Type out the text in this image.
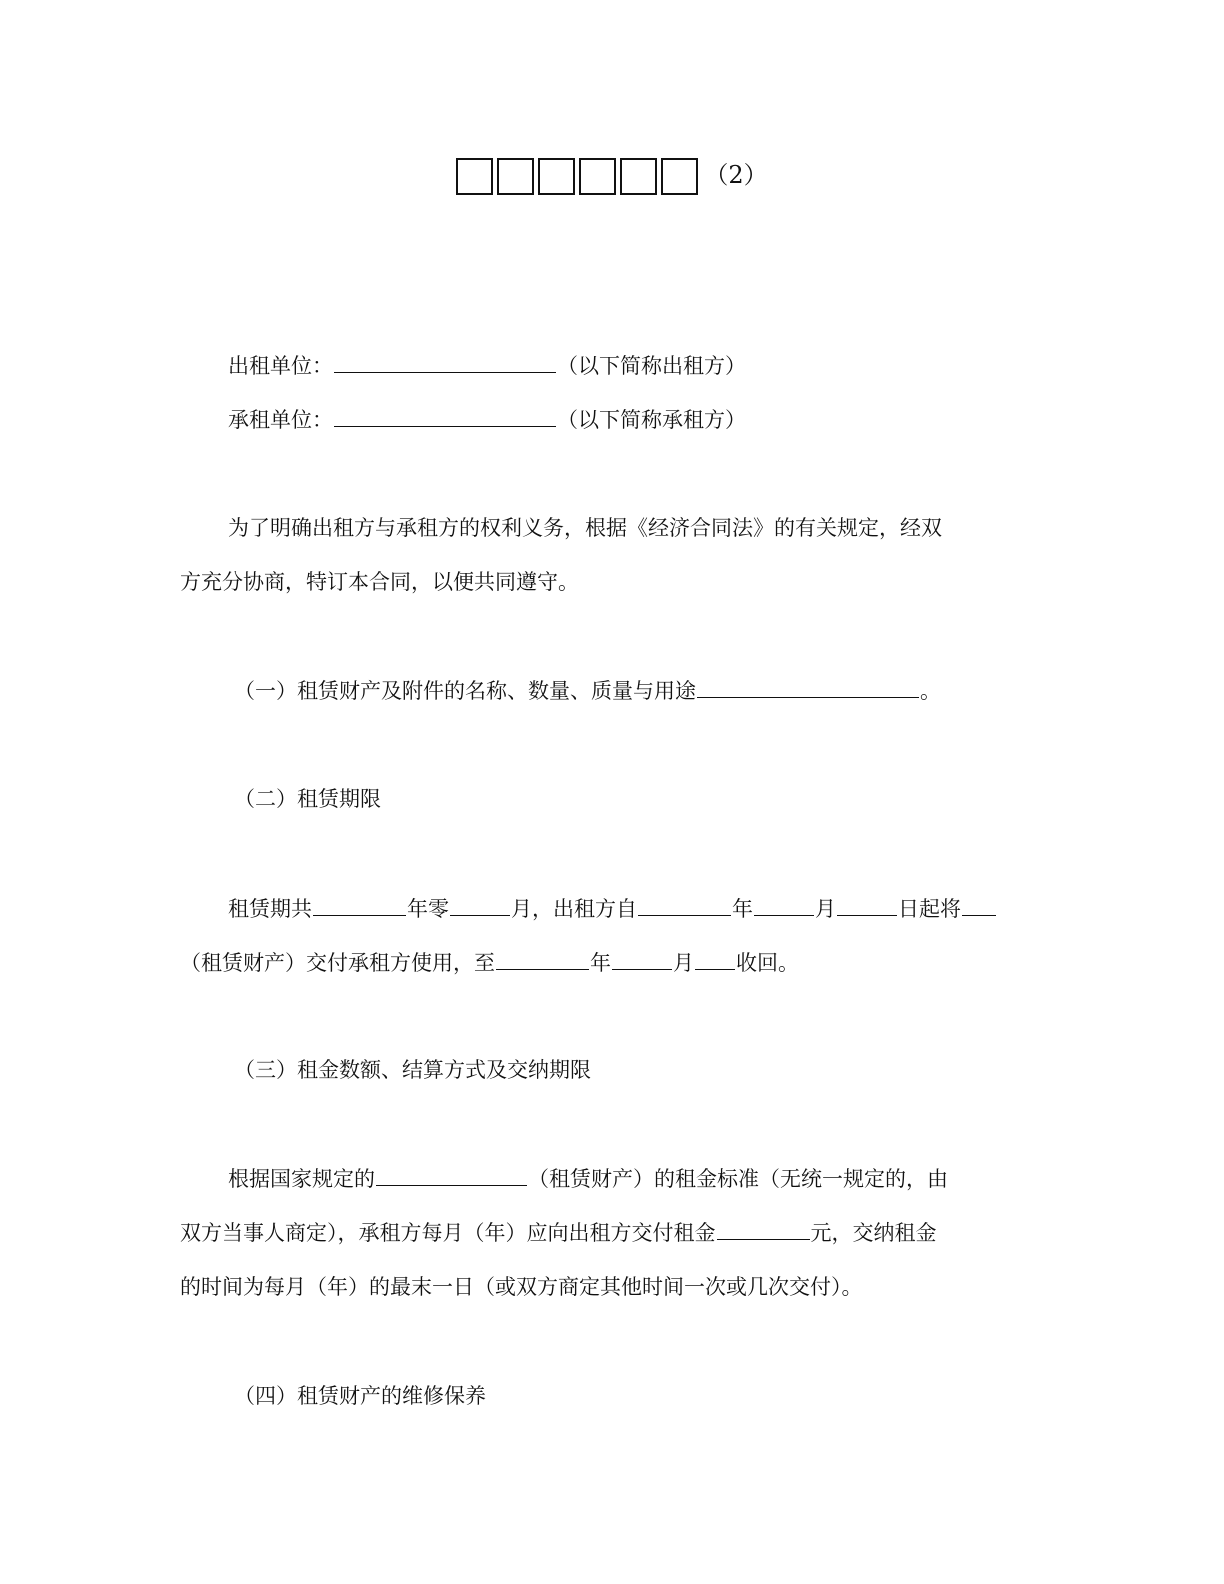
（2）
出租单位：	（以下简称出租方）
承租单位：	（以下简称承租方）
为了明确出租方与承租方的权利义务，根据《经济合同法》的有关规定，经双
方充分协商，特订本合同，以便共同遵守。
（一）租赁财产及附件的名称、数量、质量与用途	。
（二）租赁期限
租赁期共	年零	月，出租方自	年	月	日起将
（租赁财产）交付承租方使用，至	年	月 收回。
（三）租金数额、结算方式及交纳期限
根据国家规定的	（租赁财产）的租金标准（无统一规定的，由
双方当事人商定），承租方每月（年）应向出租方交付租金	元，交纳租金
的时间为每月（年）的最末一日（或双方商定其他时间一次或几次交付）。
（四）租赁财产的维修保养
